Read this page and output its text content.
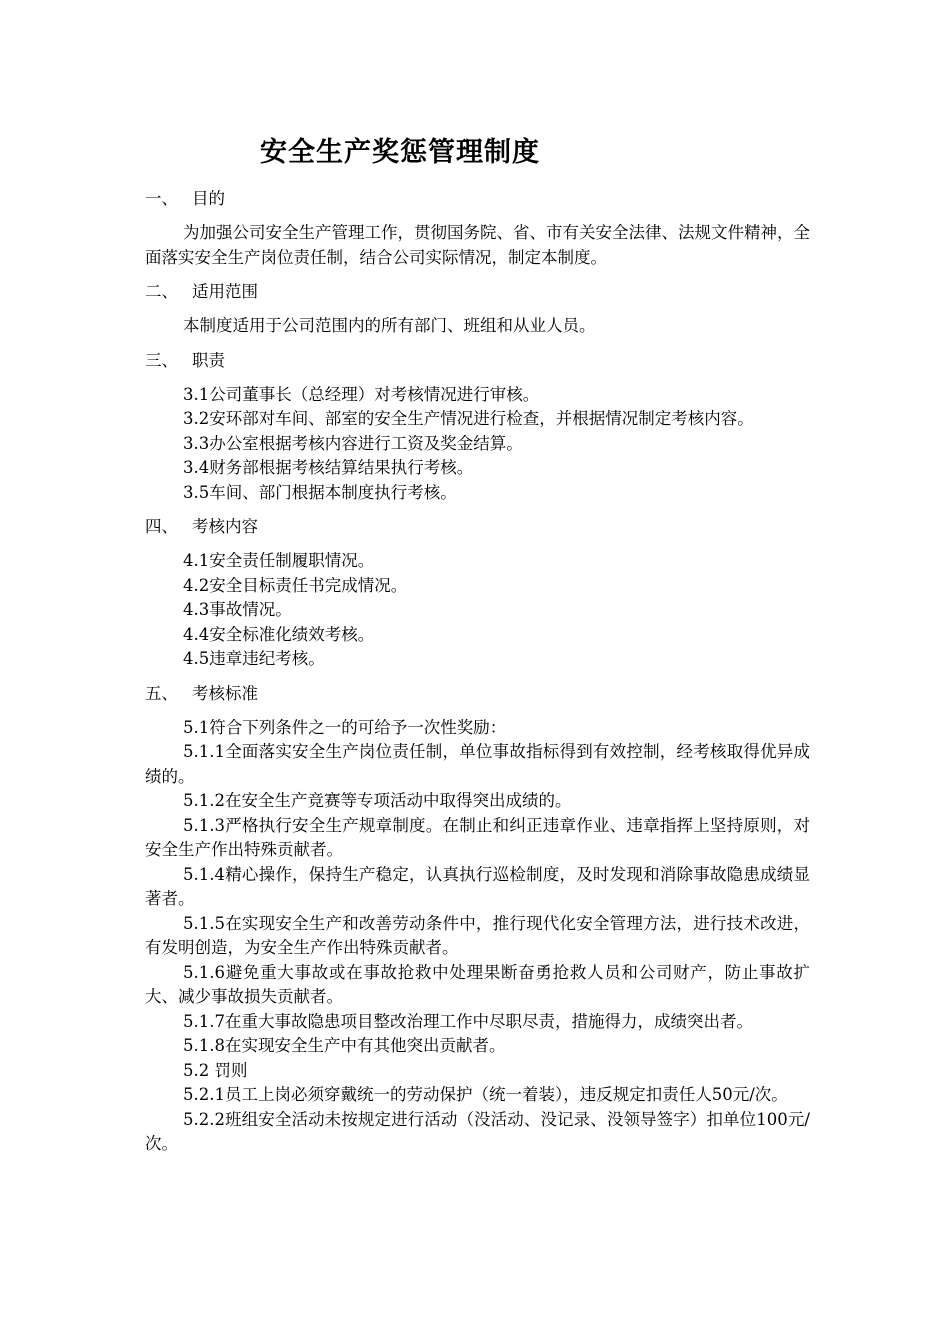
安全生产奖惩管理制度
一、 目的

为加强公司安全生产管理工作，贯彻国务院、省、市有关安全法律、法规文件精神，全面落实安全生产岗位责任制，结合公司实际情况，制定本制度。

二、 适用范围

本制度适用于公司范围内的所有部门、班组和从业人员。

三、 职责

3.1公司董事长（总经理）对考核情况进行审核。

3.2安环部对车间、部室的安全生产情况进行检查，并根据情况制定考核内容。

3.3办公室根据考核内容进行工资及奖金结算。

3.4财务部根据考核结算结果执行考核。

3.5车间、部门根据本制度执行考核。

四、 考核内容

4.1安全责任制履职情况。

4.2安全目标责任书完成情况。

4.3事故情况。

4.4安全标准化绩效考核。

4.5违章违纪考核。

五、 考核标准

5.1符合下列条件之一的可给予一次性奖励：

5.1.1全面落实安全生产岗位责任制，单位事故指标得到有效控制，经考核取得优异成绩的。

5.1.2在安全生产竞赛等专项活动中取得突出成绩的。

5.1.3严格执行安全生产规章制度。在制止和纠正违章作业、违章指挥上坚持原则，对安全生产作出特殊贡献者。

5.1.4精心操作，保持生产稳定，认真执行巡检制度，及时发现和消除事故隐患成绩显著者。

5.1.5在实现安全生产和改善劳动条件中，推行现代化安全管理方法，进行技术改进，有发明创造，为安全生产作出特殊贡献者。

5.1.6避免重大事故或在事故抢救中处理果断奋勇抢救人员和公司财产，防止事故扩大、减少事故损失贡献者。

5.1.7在重大事故隐患项目整改治理工作中尽职尽责，措施得力，成绩突出者。

5.1.8在实现安全生产中有其他突出贡献者。

5.2 罚则

5.2.1员工上岗必须穿戴统一的劳动保护（统一着装），违反规定扣责任人50元/次。

5.2.2班组安全活动未按规定进行活动（没活动、没记录、没领导签字）扣单位100元/次。
